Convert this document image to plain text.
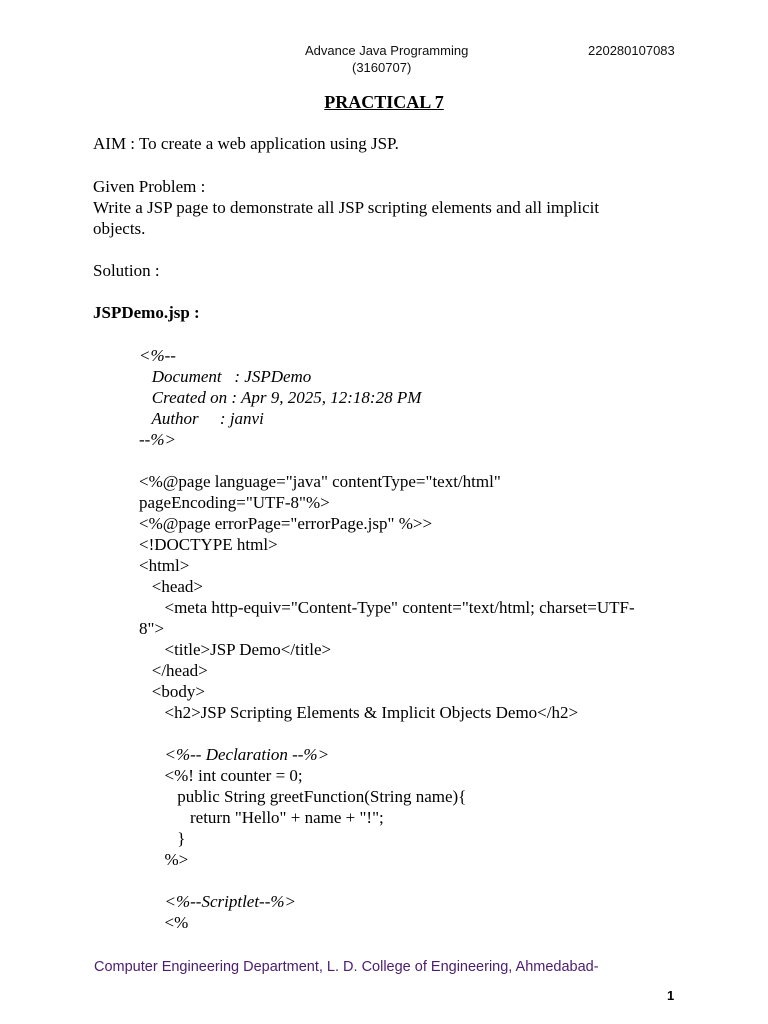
Advance Java Programming
(3160707)
220280107083
PRACTICAL 7
AIM : To create a web application using JSP.
Given Problem :
Write a JSP page to demonstrate all JSP scripting elements and all implicit
objects.
Solution :
JSPDemo.jsp :
<%--
Document   : JSPDemo
Created on : Apr 9, 2025, 12:18:28 PM
Author     : janvi
--%>
<%@page language="java" contentType="text/html"
pageEncoding="UTF-8"%>
<%@page errorPage="errorPage.jsp" %>>
<!DOCTYPE html>
<html>
<head>
<meta http-equiv="Content-Type" content="text/html; charset=UTF-
8">
<title>JSP Demo</title>
</head>
<body>
<h2>JSP Scripting Elements & Implicit Objects Demo</h2>
<%-- Declaration --%>
<%! int counter = 0;
public String greetFunction(String name){
return "Hello" + name + "!";
}
%>
<%--Scriptlet--%>
<%
Computer Engineering Department, L. D. College of Engineering, Ahmedabad-
1
